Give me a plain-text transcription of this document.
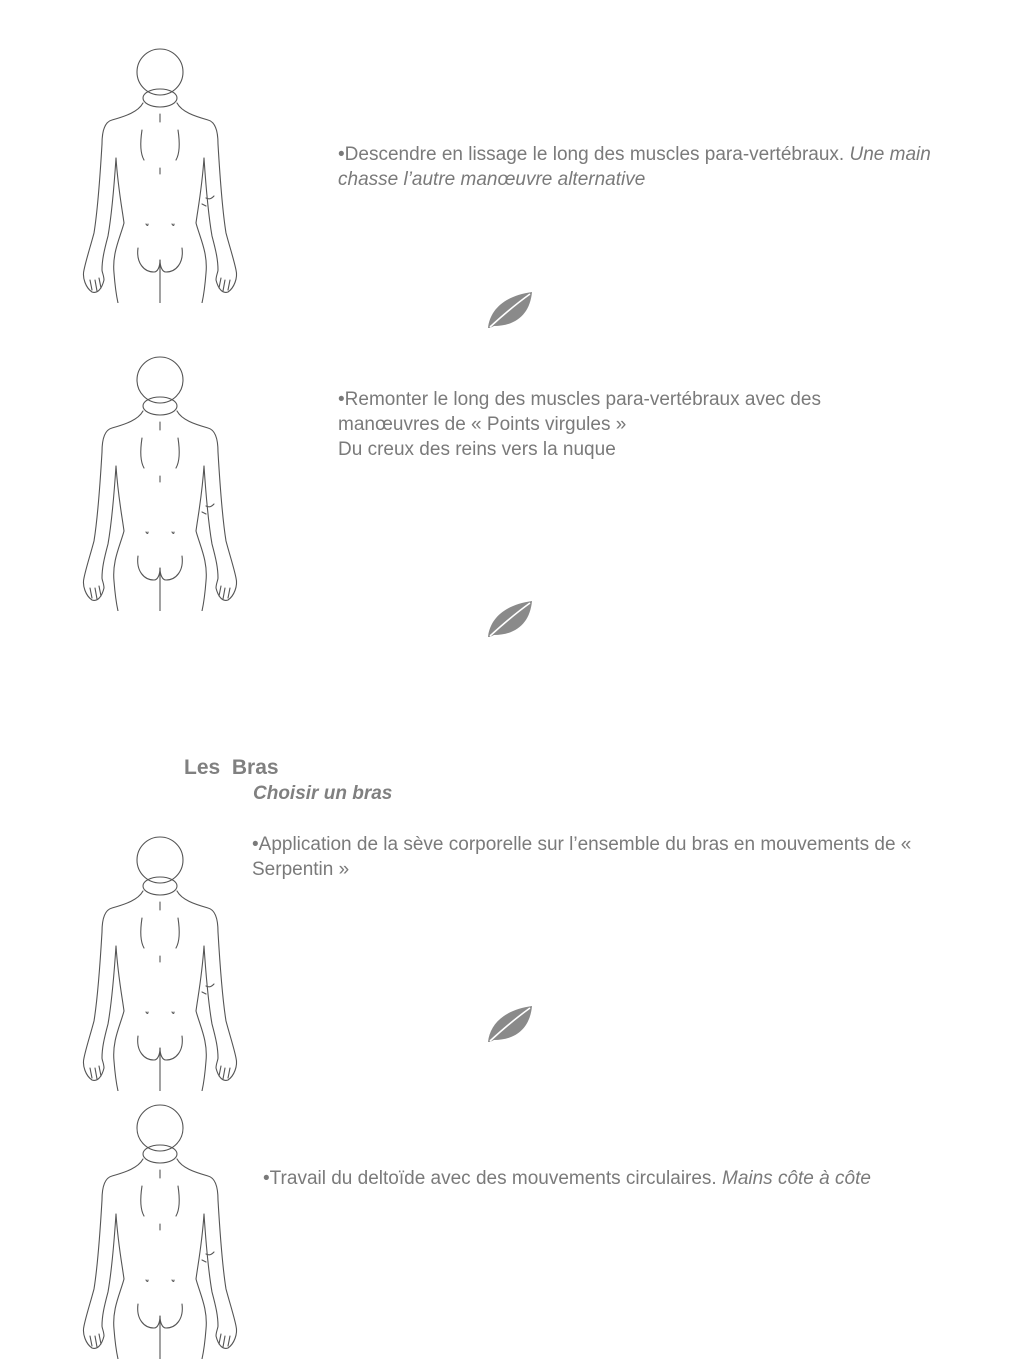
•Descendre en lissage le long des muscles para-vertébraux. Une main chasse l’autre manœuvre alternative
•Remonter le long des muscles para-vertébraux avec des
manœuvres de « Points virgules »
Du creux des reins vers la nuque
Les  Bras
Choisir un bras
•Application de la sève corporelle sur l’ensemble du bras en mouvements de « Serpentin »
•Travail du deltoïde avec des mouvements circulaires. Mains côte à côte
